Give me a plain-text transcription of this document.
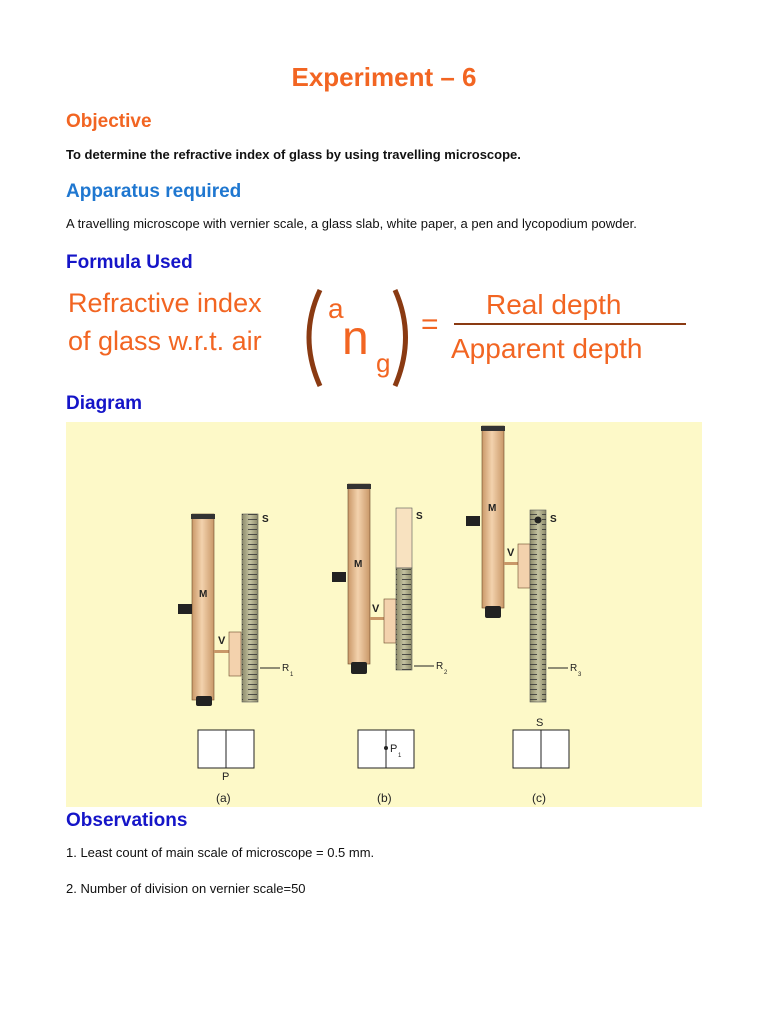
Experiment – 6
Objective
To determine the refractive index of glass by using travelling microscope.
Apparatus required
A travelling microscope with vernier scale, a glass slab, white paper, a pen and lycopodium powder.
Formula Used
Refractive index
of glass w.r.t. air
a
n g
=
Real depth
Apparent depth
Diagram
M
V
S
R
1
P
(a)
M
V
S
R
2
P
1
(b)
M
V
S
R
3
S
(c)
Observations
1. Least count of main scale of microscope = 0.5 mm.
2. Number of division on vernier scale=50
